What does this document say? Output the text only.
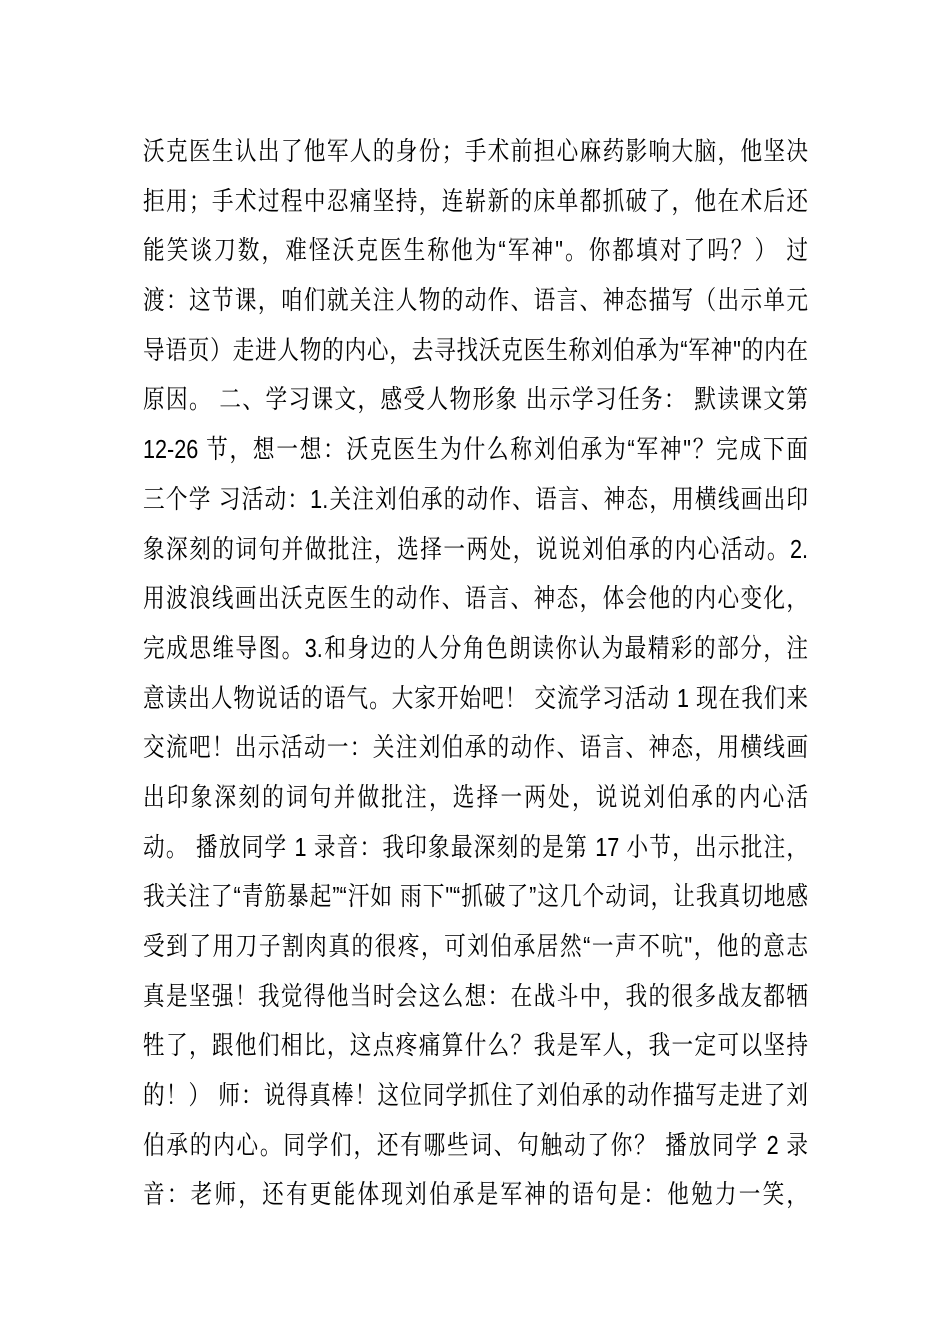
沃克医生认出了他军人的身份；手术前担心麻药影响大脑，他坚决
拒用；手术过程中忍痛坚持，连崭新的床单都抓破了，他在术后还
能笑谈刀数，难怪沃克医生称他为“军神"。你都填对了吗？） 过
渡：这节课，咱们就关注人物的动作、语言、神态描写（出示单元
导语页）走进人物的内心，去寻找沃克医生称刘伯承为“军神"的内在
原因。 二、学习课文，感受人物形象 出示学习任务： 默读课文第
12-26 节，想一想：沃克医生为什么称刘伯承为“军神"？完成下面
三个学 习活动：1.关注刘伯承的动作、语言、神态，用横线画出印
象深刻的词句并做批注，选择一两处，说说刘伯承的内心活动。2.
用波浪线画出沃克医生的动作、语言、神态，体会他的内心变化，
完成思维导图。3.和身边的人分角色朗读你认为最精彩的部分，注
意读出人物说话的语气。大家开始吧！ 交流学习活动 1 现在我们来
交流吧！出示活动一：关注刘伯承的动作、语言、神态，用横线画
出印象深刻的词句并做批注，选择一两处，说说刘伯承的内心活
动。 播放同学 1 录音：我印象最深刻的是第 17 小节，出示批注，
我关注了“青筋暴起”“汗如 雨下"“抓破了”这几个动词，让我真切地感
受到了用刀子割肉真的很疼，可刘伯承居然“一声不吭"，他的意志
真是坚强！我觉得他当时会这么想：在战斗中，我的很多战友都牺
牲了，跟他们相比，这点疼痛算什么？我是军人，我一定可以坚持
的！） 师：说得真棒！这位同学抓住了刘伯承的动作描写走进了刘
伯承的内心。同学们，还有哪些词、句触动了你？ 播放同学 2 录
音：老师，还有更能体现刘伯承是军神的语句是：他勉力一笑，
